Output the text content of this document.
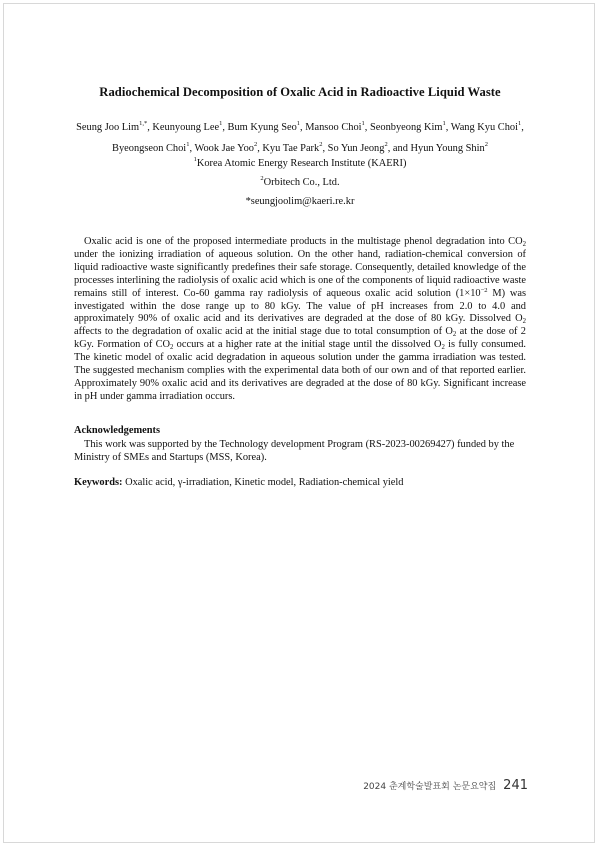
Radiochemical Decomposition of Oxalic Acid in Radioactive Liquid Waste
Seung Joo Lim$^{1,*}$, Keunyoung Lee$^1$, Bum Kyung Seo$^1$, Mansoo Choi$^1$, Seonbyeong Kim$^1$, Wang Kyu Choi$^1$,
Byeongseon Choi$^1$, Wook Jae Yoo$^2$, Kyu Tae Park$^2$, So Yun Jeong$^2$, and Hyun Young Shin$^2$
$^1$Korea Atomic Energy Research Institute (KAERI)
$^2$Orbitech Co., Ltd.
*seungjoolim@kaeri.re.kr
Oxalic acid is one of the proposed intermediate products in the multistage phenol degradation into $CO_2$ under the ionizing irradiation of aqueous solution. On the other hand, radiation-chemical conversion of liquid radioactive waste significantly predefines their safe storage. Consequently, detailed knowledge of the processes interlining the radiolysis of oxalic acid which is one of the components of liquid radioactive waste remains still of interest. Co-60 gamma ray radiolysis of aqueous oxalic acid solution ($1\times 10^{-2}$ M) was investigated within the dose range up to 80 kGy. The value of pH increases from 2.0 to 4.0 and approximately 90% of oxalic acid and its derivatives are degraded at the dose of 80 kGy. Dissolved $O_2$ affects to the degradation of oxalic acid at the initial stage due to total consumption of $O_2$ at the dose of 2 kGy. Formation of $CO_2$ occurs at a higher rate at the initial stage until the dissolved $O_2$ is fully consumed. The kinetic model of oxalic acid degradation in aqueous solution under the gamma irradiation was tested. The suggested mechanism complies with the experimental data both of our own and of that reported earlier. Approximately 90% oxalic acid and its derivatives are degraded at the dose of 80 kGy. Significant increase in pH under gamma irradiation occurs.
Acknowledgements
This work was supported by the Technology development Program (RS-2023-00269427) funded by the Ministry of SMEs and Startups (MSS, Korea).
Keywords: Oxalic acid, γ-irradiation, Kinetic model, Radiation-chemical yield
2024 춘계학술발표회 논문요약집 241
